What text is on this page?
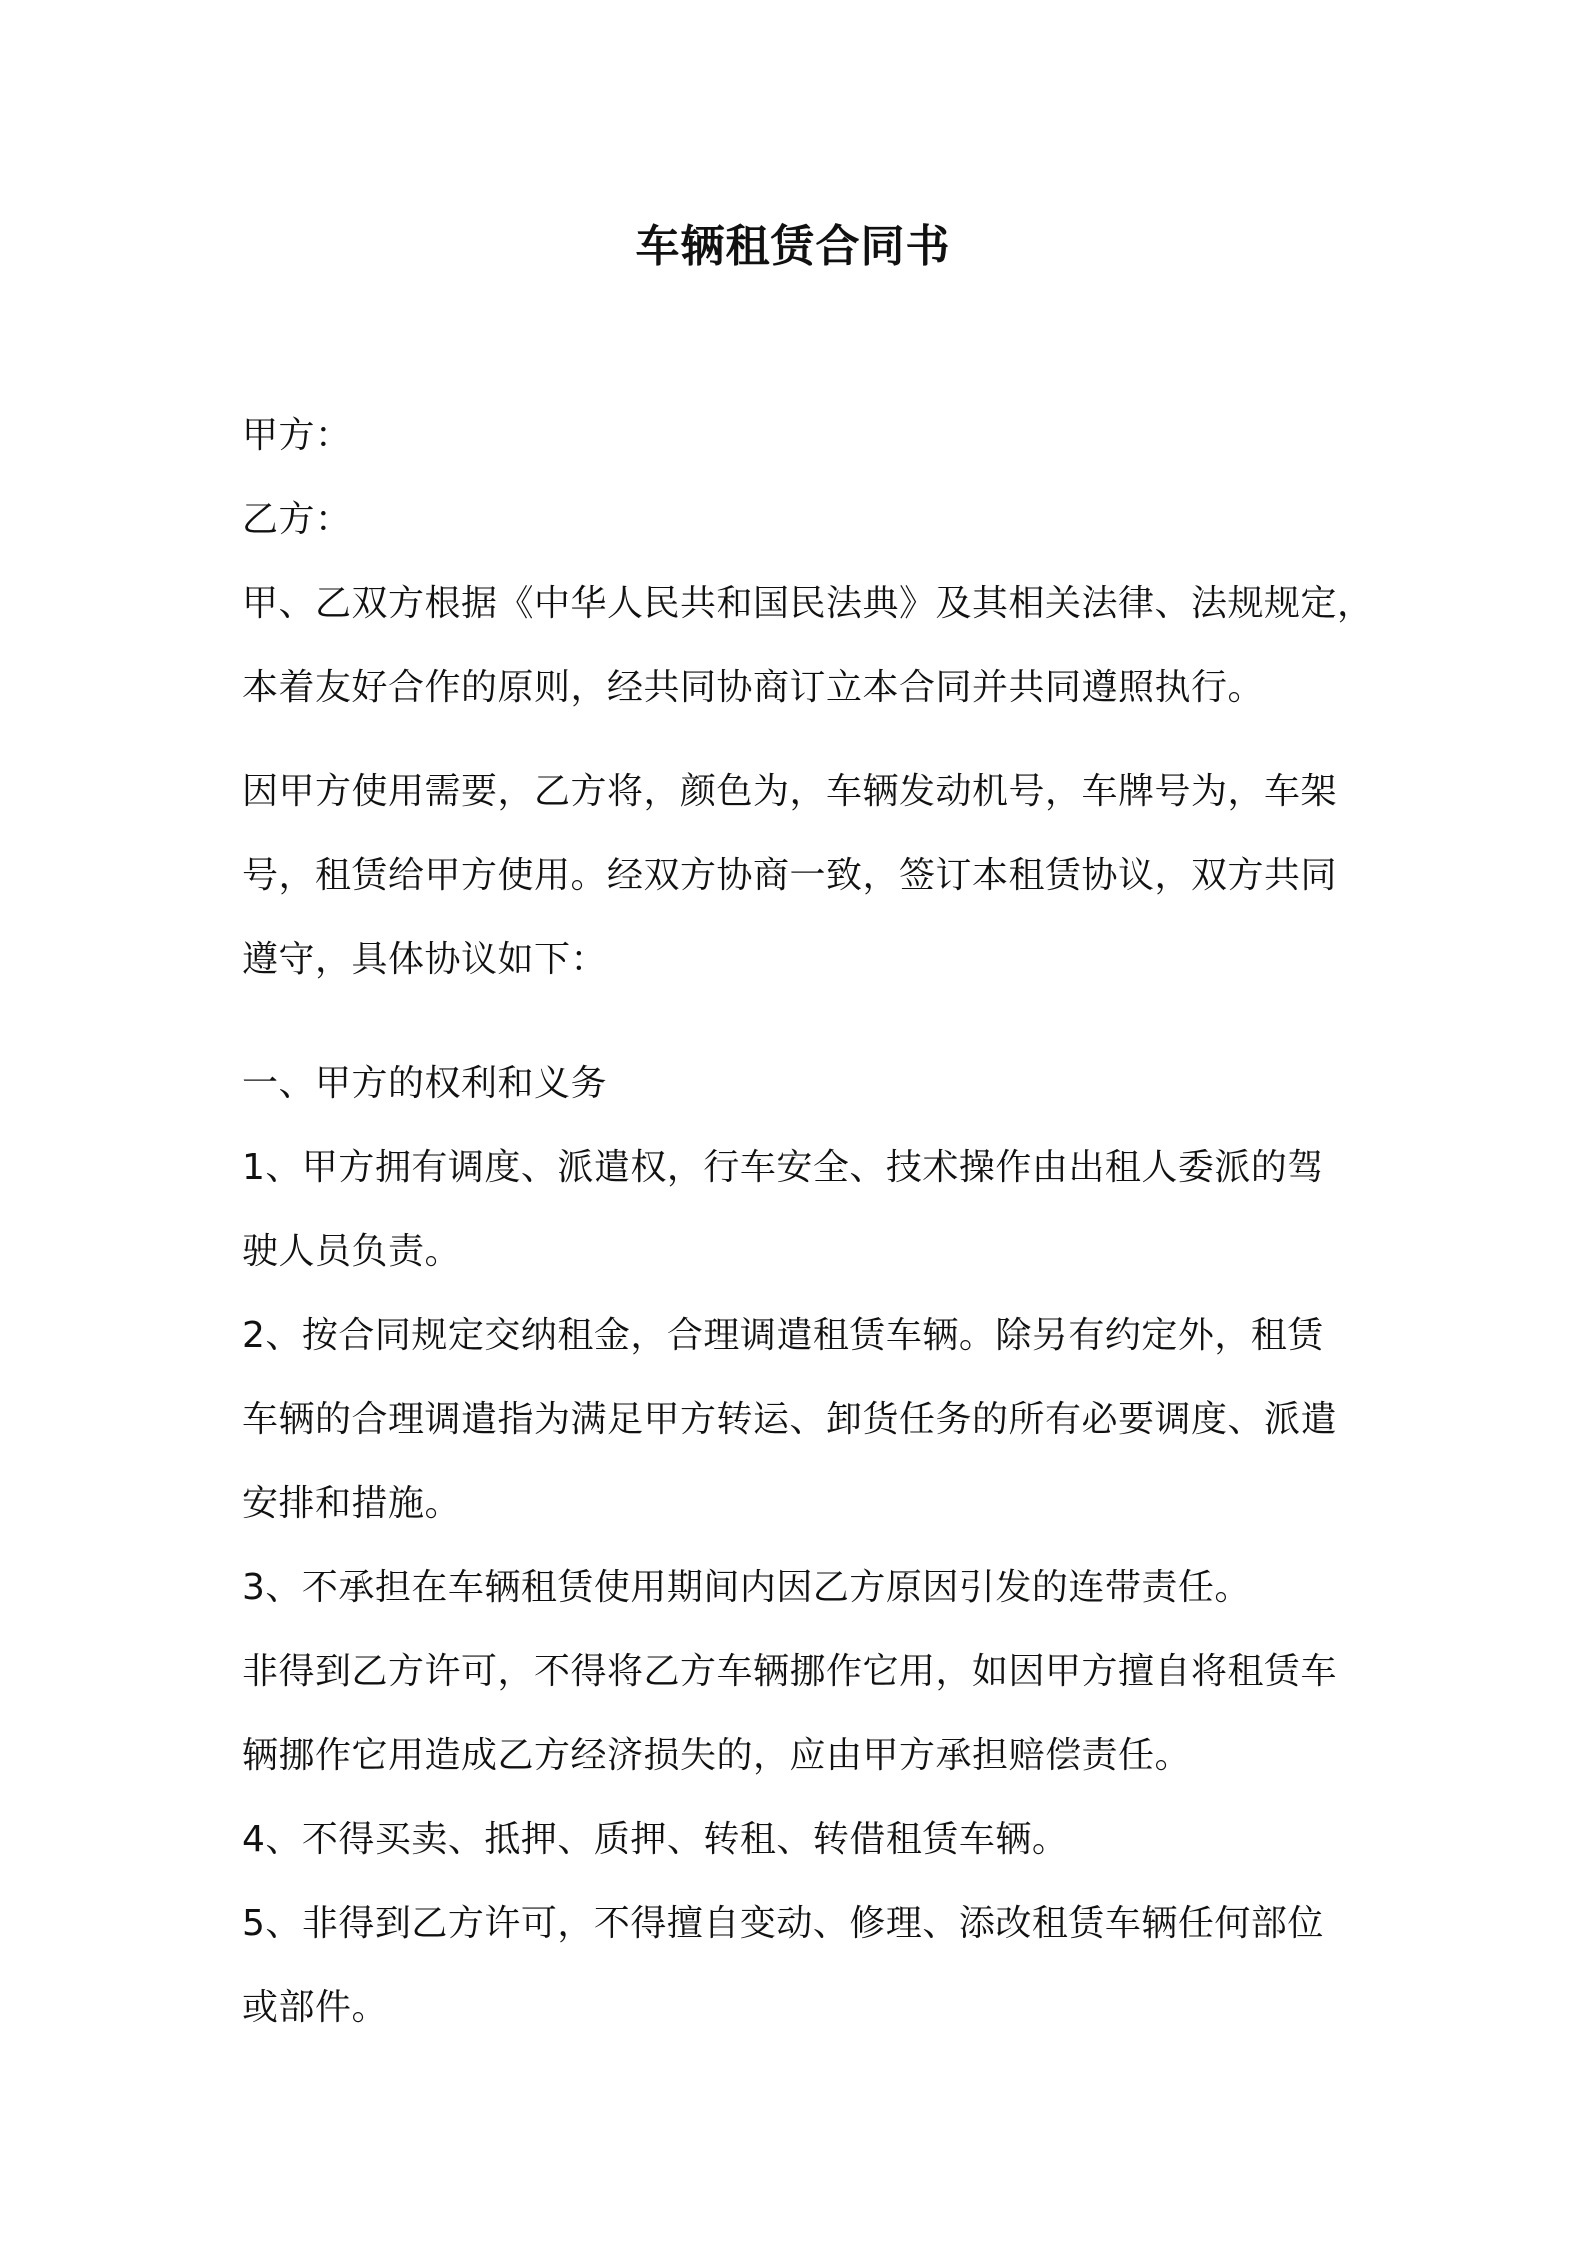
车辆租赁合同书
甲方：
乙方：
甲、乙双方根据《中华人民共和国民法典》及其相关法律、法规规定，
本着友好合作的原则，经共同协商订立本合同并共同遵照执行。
因甲方使用需要，乙方将，颜色为，车辆发动机号，车牌号为，车架
号，租赁给甲方使用。经双方协商一致，签订本租赁协议，双方共同
遵守，具体协议如下：
一、甲方的权利和义务
1、甲方拥有调度、派遣权，行车安全、技术操作由出租人委派的驾
驶人员负责。
2、按合同规定交纳租金，合理调遣租赁车辆。除另有约定外，租赁
车辆的合理调遣指为满足甲方转运、卸货任务的所有必要调度、派遣
安排和措施。
3、不承担在车辆租赁使用期间内因乙方原因引发的连带责任。
非得到乙方许可，不得将乙方车辆挪作它用，如因甲方擅自将租赁车
辆挪作它用造成乙方经济损失的，应由甲方承担赔偿责任。
4、不得买卖、抵押、质押、转租、转借租赁车辆。
5、非得到乙方许可，不得擅自变动、修理、添改租赁车辆任何部位
或部件。
